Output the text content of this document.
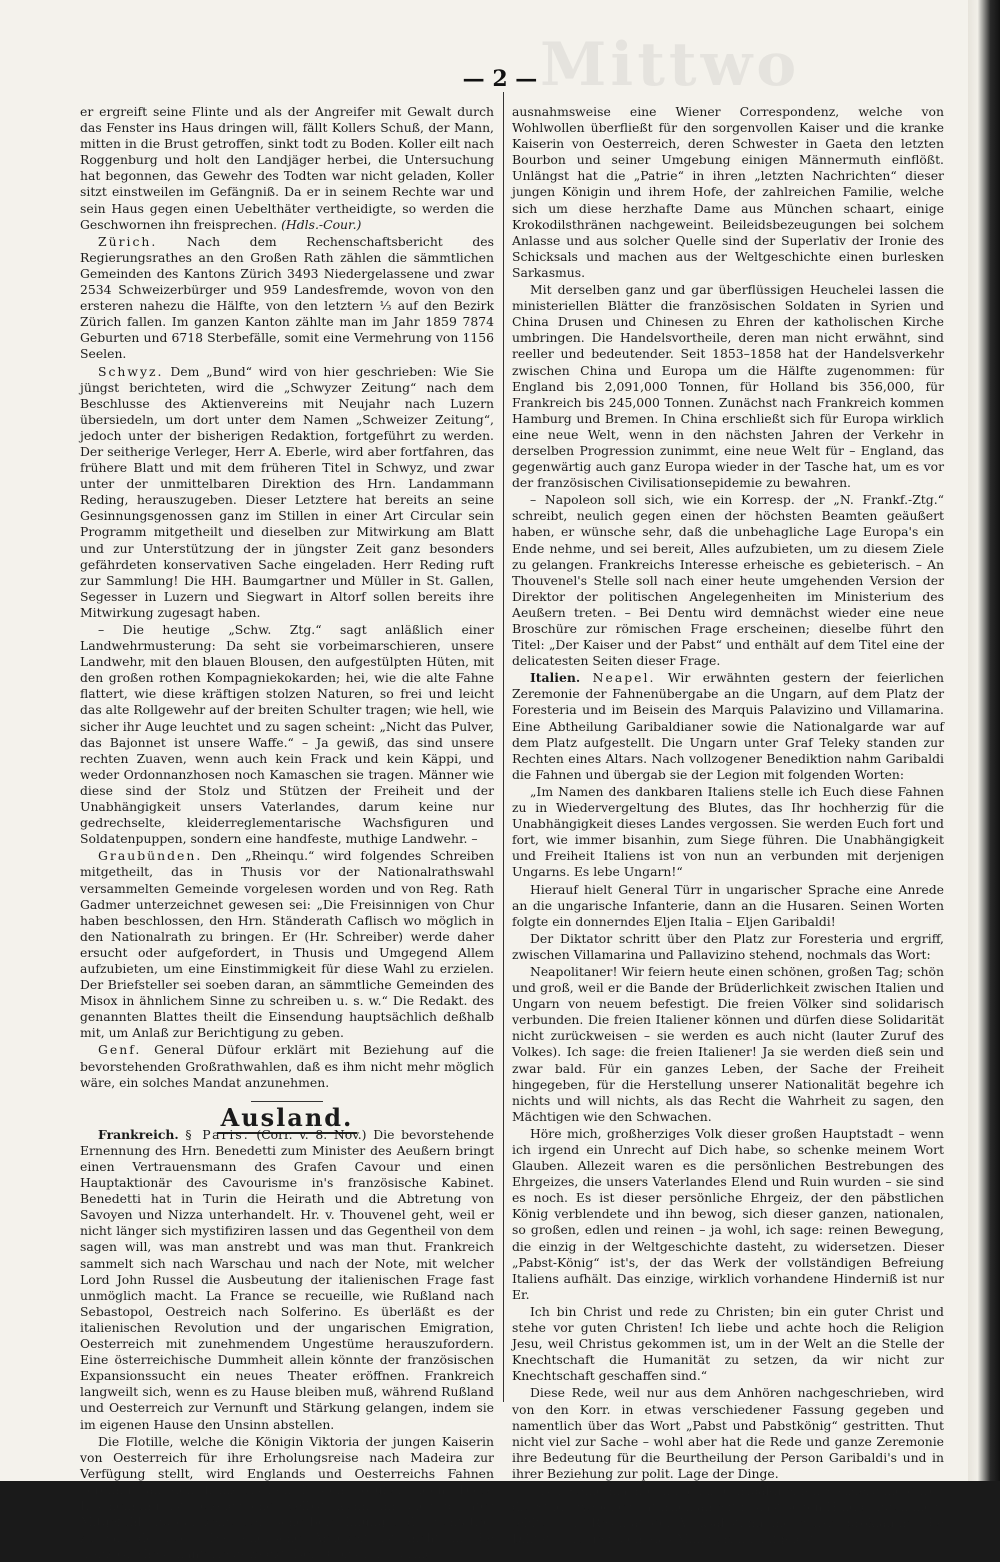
Mittwo
— 2 —

er ergreift seine Flinte und als der Angreifer mit Gewalt durch das Fenster ins Haus dringen will, fällt Kollers Schuß, der Mann, mitten in die Brust getroffen, sinkt todt zu Boden. Koller eilt nach Roggenburg und holt den Landjäger herbei, die Untersuchung hat begonnen, das Gewehr des Todten war nicht geladen, Koller sitzt einstweilen im Gefängniß. Da er in seinem Rechte war und sein Haus gegen einen Uebelthäter vertheidigte, so werden die Geschwornen ihn freisprechen. (Hdls.-Cour.)

Zürich. Nach dem Rechenschaftsbericht des Regierungsrathes an den Großen Rath zählen die sämmtlichen Gemeinden des Kantons Zürich 3493 Niedergelassene und zwar 2534 Schweizerbürger und 959 Landesfremde, wovon von den ersteren nahezu die Hälfte, von den letztern ⅓ auf den Bezirk Zürich fallen. Im ganzen Kanton zählte man im Jahr 1859 7874 Geburten und 6718 Sterbefälle, somit eine Vermehrung von 1156 Seelen.

Schwyz. Dem „Bund“ wird von hier geschrieben: Wie Sie jüngst berichteten, wird die „Schwyzer Zeitung“ nach dem Beschlusse des Aktienvereins mit Neujahr nach Luzern übersiedeln, um dort unter dem Namen „Schweizer Zeitung“, jedoch unter der bisherigen Redaktion, fortgeführt zu werden. Der seitherige Verleger, Herr A. Eberle, wird aber fortfahren, das frühere Blatt und mit dem früheren Titel in Schwyz, und zwar unter der unmittelbaren Direktion des Hrn. Landammann Reding, herauszugeben. Dieser Letztere hat bereits an seine Gesinnungsgenossen ganz im Stillen in einer Art Circular sein Programm mitgetheilt und dieselben zur Mitwirkung am Blatt und zur Unterstützung der in jüngster Zeit ganz besonders gefährdeten konservativen Sache eingeladen. Herr Reding ruft zur Sammlung! Die HH. Baumgartner und Müller in St. Gallen, Segesser in Luzern und Siegwart in Altorf sollen bereits ihre Mitwirkung zugesagt haben.

– Die heutige „Schw. Ztg.“ sagt anläßlich einer Landwehrmusterung: Da seht sie vorbeimarschieren, unsere Landwehr, mit den blauen Blousen, den aufgestülpten Hüten, mit den großen rothen Kompagniekokarden; hei, wie die alte Fahne flattert, wie diese kräftigen stolzen Naturen, so frei und leicht das alte Rollgewehr auf der breiten Schulter tragen; wie hell, wie sicher ihr Auge leuchtet und zu sagen scheint: „Nicht das Pulver, das Bajonnet ist unsere Waffe.“ – Ja gewiß, das sind unsere rechten Zuaven, wenn auch kein Frack und kein Käppi, und weder Ordonnanzhosen noch Kamaschen sie tragen. Männer wie diese sind der Stolz und Stützen der Freiheit und der Unabhängigkeit unsers Vaterlandes, darum keine nur gedrechselte, kleiderreglementarische Wachsfiguren und Soldatenpuppen, sondern eine handfeste, muthige Landwehr. –

Graubünden. Den „Rheinqu.“ wird folgendes Schreiben mitgetheilt, das in Thusis vor der Nationalrathswahl versammelten Gemeinde vorgelesen worden und von Reg. Rath Gadmer unterzeichnet gewesen sei: „Die Freisinnigen von Chur haben beschlossen, den Hrn. Ständerath Caflisch wo möglich in den Nationalrath zu bringen. Er (Hr. Schreiber) werde daher ersucht oder aufgefordert, in Thusis und Umgegend Allem aufzubieten, um eine Einstimmigkeit für diese Wahl zu erzielen. Der Briefsteller sei soeben daran, an sämmtliche Gemeinden des Misox in ähnlichem Sinne zu schreiben u. s. w.“ Die Redakt. des genannten Blattes theilt die Einsendung hauptsächlich deßhalb mit, um Anlaß zur Berichtigung zu geben.

Genf. General Düfour erklärt mit Beziehung auf die bevorstehenden Großrathwahlen, daß es ihm nicht mehr möglich wäre, ein solches Mandat anzunehmen.

Ausland.

Frankreich. § Paris. (Corr. v. 8. Nov.) Die bevorstehende Ernennung des Hrn. Benedetti zum Minister des Aeußern bringt einen Vertrauensmann des Grafen Cavour und einen Hauptaktionär des Cavourisme in's französische Kabinet. Benedetti hat in Turin die Heirath und die Abtretung von Savoyen und Nizza unterhandelt. Hr. v. Thouvenel geht, weil er nicht länger sich mystifiziren lassen und das Gegentheil von dem sagen will, was man anstrebt und was man thut. Frankreich sammelt sich nach Warschau und nach der Note, mit welcher Lord John Russel die Ausbeutung der italienischen Frage fast unmöglich macht. La France se recueille, wie Rußland nach Sebastopol, Oestreich nach Solferino. Es überläßt es der italienischen Revolution und der ungarischen Emigration, Oesterreich mit zunehmendem Ungestüme herauszufordern. Eine österreichische Dummheit allein könnte der französischen Expansionssucht ein neues Theater eröffnen. Frankreich langweilt sich, wenn es zu Hause bleiben muß, während Rußland und Oesterreich zur Vernunft und Stärkung gelangen, indem sie im eigenen Hause den Unsinn abstellen.

Die Flotille, welche die Königin Viktoria der jungen Kaiserin von Oesterreich für ihre Erholungsreise nach Madeira zur Verfügung stellt, wird Englands und Oesterreichs Fahnen vereinigt an den französischen Küsten vorübertragen. Diese Erscheinung ist bezeichnend, selbst wenn ihr blos privates Mitgefühl und gar keine politische Berechnung und Ostentation zu Grunde liegt. Die englische Artigkeit ist nicht in die französische Galanterie geweckt. Der „Constitut.“ bringt

ausnahmsweise eine Wiener Correspondenz, welche von Wohlwollen überfließt für den sorgenvollen Kaiser und die kranke Kaiserin von Oesterreich, deren Schwester in Gaeta den letzten Bourbon und seiner Umgebung einigen Männermuth einflößt. Unlängst hat die „Patrie“ in ihren „letzten Nachrichten“ dieser jungen Königin und ihrem Hofe, der zahlreichen Familie, welche sich um diese herzhafte Dame aus München schaart, einige Krokodilsthränen nachgeweint. Beileidsbezeugungen bei solchem Anlasse und aus solcher Quelle sind der Superlativ der Ironie des Schicksals und machen aus der Weltgeschichte einen burlesken Sarkasmus.

Mit derselben ganz und gar überflüssigen Heuchelei lassen die ministeriellen Blätter die französischen Soldaten in Syrien und China Drusen und Chinesen zu Ehren der katholischen Kirche umbringen. Die Handelsvortheile, deren man nicht erwähnt, sind reeller und bedeutender. Seit 1853–1858 hat der Handelsverkehr zwischen China und Europa um die Hälfte zugenommen: für England bis 2,091,000 Tonnen, für Holland bis 356,000, für Frankreich bis 245,000 Tonnen. Zunächst nach Frankreich kommen Hamburg und Bremen. In China erschließt sich für Europa wirklich eine neue Welt, wenn in den nächsten Jahren der Verkehr in derselben Progression zunimmt, eine neue Welt für – England, das gegenwärtig auch ganz Europa wieder in der Tasche hat, um es vor der französischen Civilisationsepidemie zu bewahren.

– Napoleon soll sich, wie ein Korresp. der „N. Frankf.-Ztg.“ schreibt, neulich gegen einen der höchsten Beamten geäußert haben, er wünsche sehr, daß die unbehagliche Lage Europa's ein Ende nehme, und sei bereit, Alles aufzubieten, um zu diesem Ziele zu gelangen. Frankreichs Interesse erheische es gebieterisch. – An Thouvenel's Stelle soll nach einer heute umgehenden Version der Direktor der politischen Angelegenheiten im Ministerium des Aeußern treten. – Bei Dentu wird demnächst wieder eine neue Broschüre zur römischen Frage erscheinen; dieselbe führt den Titel: „Der Kaiser und der Pabst“ und enthält auf dem Titel eine der delicatesten Seiten dieser Frage.

Italien. Neapel. Wir erwähnten gestern der feierlichen Zeremonie der Fahnenübergabe an die Ungarn, auf dem Platz der Foresteria und im Beisein des Marquis Palavizino und Villamarina. Eine Abtheilung Garibaldianer sowie die Nationalgarde war auf dem Platz aufgestellt. Die Ungarn unter Graf Teleky standen zur Rechten eines Altars. Nach vollzogener Benediktion nahm Garibaldi die Fahnen und übergab sie der Legion mit folgenden Worten:

„Im Namen des dankbaren Italiens stelle ich Euch diese Fahnen zu in Wiedervergeltung des Blutes, das Ihr hochherzig für die Unabhängigkeit dieses Landes vergossen. Sie werden Euch fort und fort, wie immer bisanhin, zum Siege führen. Die Unabhängigkeit und Freiheit Italiens ist von nun an verbunden mit derjenigen Ungarns. Es lebe Ungarn!“

Hierauf hielt General Türr in ungarischer Sprache eine Anrede an die ungarische Infanterie, dann an die Husaren. Seinen Worten folgte ein donnerndes Eljen Italia – Eljen Garibaldi!

Der Diktator schritt über den Platz zur Foresteria und ergriff, zwischen Villamarina und Pallavizino stehend, nochmals das Wort:

Neapolitaner! Wir feiern heute einen schönen, großen Tag; schön und groß, weil er die Bande der Brüderlichkeit zwischen Italien und Ungarn von neuem befestigt. Die freien Völker sind solidarisch verbunden. Die freien Italiener können und dürfen diese Solidarität nicht zurückweisen – sie werden es auch nicht (lauter Zuruf des Volkes). Ich sage: die freien Italiener! Ja sie werden dieß sein und zwar bald. Für ein ganzes Leben, der Sache der Freiheit hingegeben, für die Herstellung unserer Nationalität begehre ich nichts und will nichts, als das Recht die Wahrheit zu sagen, den Mächtigen wie den Schwachen.

Höre mich, großherziges Volk dieser großen Hauptstadt – wenn ich irgend ein Unrecht auf Dich habe, so schenke meinem Wort Glauben. Allezeit waren es die persönlichen Bestrebungen des Ehrgeizes, die unsers Vaterlandes Elend und Ruin wurden – sie sind es noch. Es ist dieser persönliche Ehrgeiz, der den päbstlichen König verblendete und ihn bewog, sich dieser ganzen, nationalen, so großen, edlen und reinen – ja wohl, ich sage: reinen Bewegung, die einzig in der Weltgeschichte dasteht, zu widersetzen. Dieser „Pabst-König“ ist's, der das Werk der vollständigen Befreiung Italiens aufhält. Das einzige, wirklich vorhandene Hinderniß ist nur Er.

Ich bin Christ und rede zu Christen; bin ein guter Christ und stehe vor guten Christen! Ich liebe und achte hoch die Religion Jesu, weil Christus gekommen ist, um in der Welt an die Stelle der Knechtschaft die Humanität zu setzen, da wir nicht zur Knechtschaft geschaffen sind.“

Diese Rede, weil nur aus dem Anhören nachgeschrieben, wird von den Korr. in etwas verschiedener Fassung gegeben und namentlich über das Wort „Pabst und Pabstkönig“ gestritten. Thut nicht viel zur Sache – wohl aber hat die Rede und ganze Zeremonie ihre Bedeutung für die Beurtheilung der Person Garibaldi's und in ihrer Beziehung zur polit. Lage der Dinge.

– Der König machte am 8. mit Garibaldi einen Spaziergang durch die Stadt, wobei es natürlich an enthusiastischen Huldigungen nicht fehlte. Das Resultat der Volksabstimmung wurde proklamirt, die Diktatur aufgehoben, das Ministerium aufgelöst.
